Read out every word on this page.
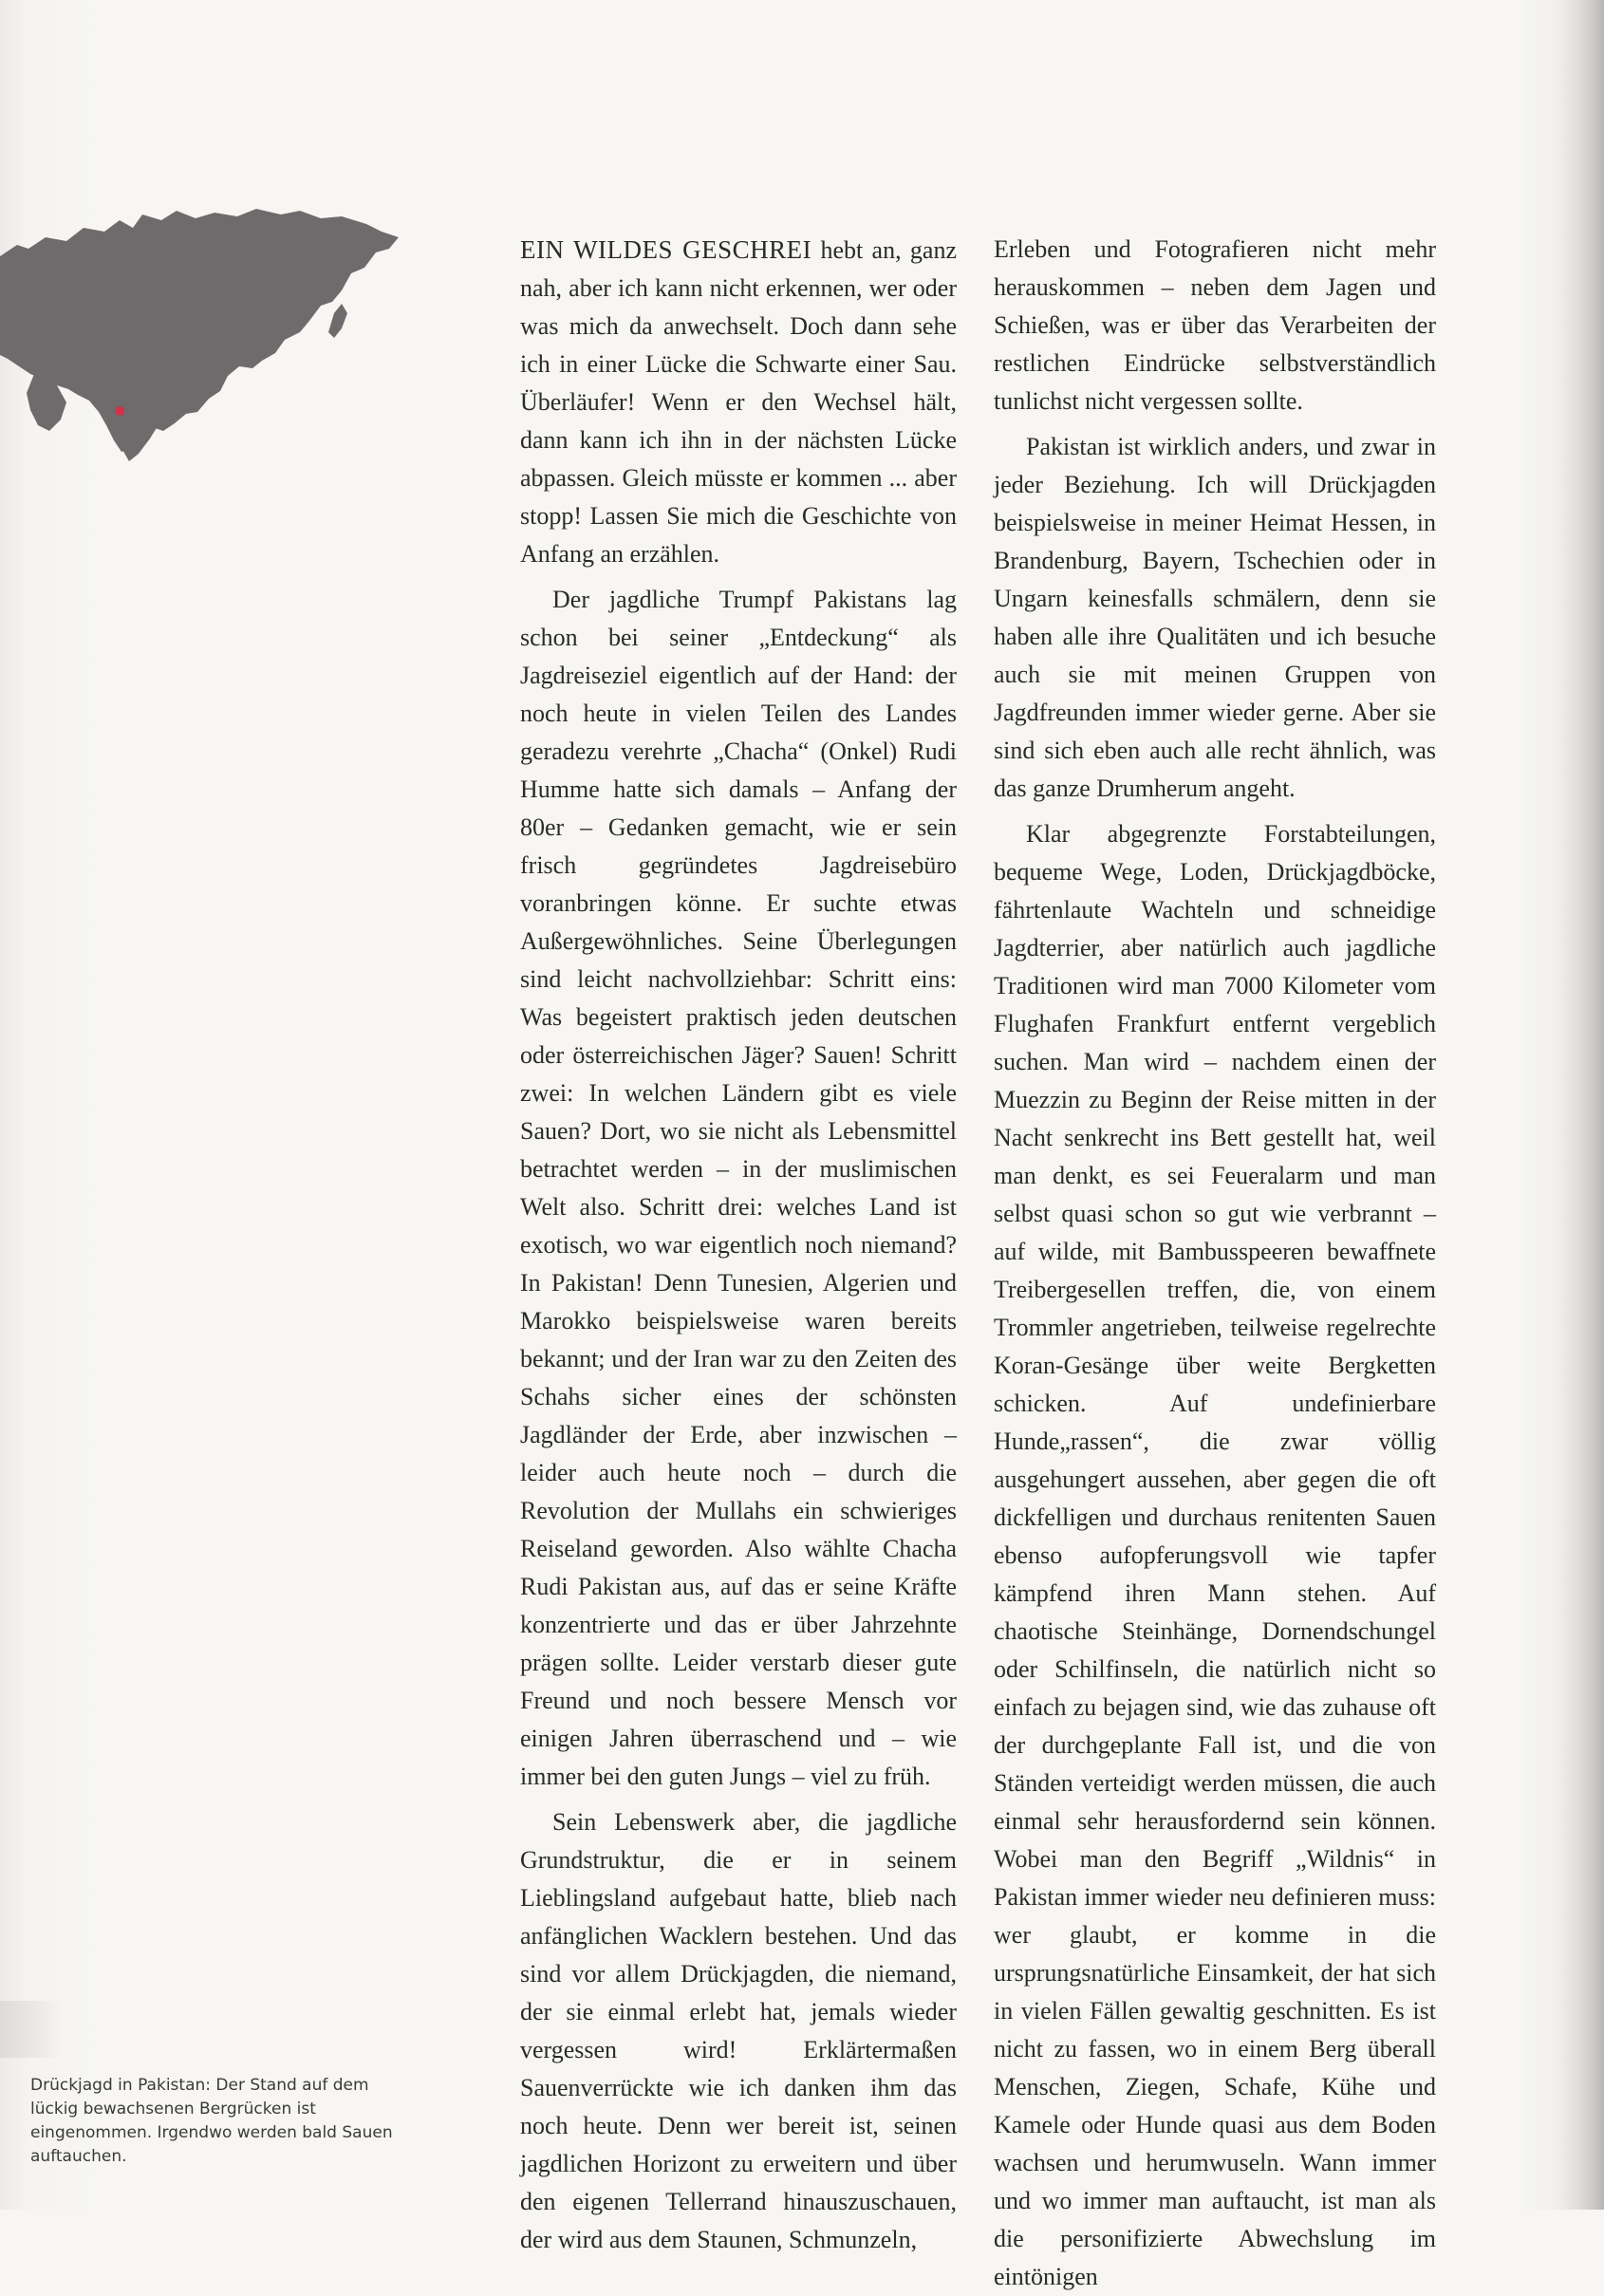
EIN WILDES GESCHREI hebt an, ganz nah, aber ich kann nicht erkennen, wer oder was mich da anwechselt. Doch dann sehe ich in einer Lücke die Schwarte einer Sau. Überläufer! Wenn er den Wechsel hält, dann kann ich ihn in der nächsten Lücke abpassen. Gleich müsste er kommen ... aber stopp! Lassen Sie mich die Geschichte von Anfang an erzählen.

Der jagdliche Trumpf Pakistans lag schon bei seiner „Entdeckung“ als Jagdreiseziel eigentlich auf der Hand: der noch heute in vielen Teilen des Landes geradezu verehrte „Chacha“ (Onkel) Rudi Humme hatte sich damals – Anfang der 80er – Gedanken gemacht, wie er sein frisch gegründetes Jagdreisebüro voranbringen könne. Er suchte etwas Außergewöhnliches. Seine Überlegungen sind leicht nachvollziehbar: Schritt eins: Was begeistert praktisch jeden deutschen oder österreichischen Jäger? Sauen! Schritt zwei: In welchen Ländern gibt es viele Sauen? Dort, wo sie nicht als Lebensmittel betrachtet werden – in der muslimischen Welt also. Schritt drei: welches Land ist exotisch, wo war eigentlich noch niemand? In Pakistan! Denn Tunesien, Algerien und Marokko beispielsweise waren bereits bekannt; und der Iran war zu den Zeiten des Schahs sicher eines der schönsten Jagdländer der Erde, aber inzwischen – leider auch heute noch – durch die Revolution der Mullahs ein schwieriges Reiseland geworden. Also wählte Chacha Rudi Pakistan aus, auf das er seine Kräfte konzentrierte und das er über Jahrzehnte prägen sollte. Leider verstarb dieser gute Freund und noch bessere Mensch vor einigen Jahren überraschend und – wie immer bei den guten Jungs – viel zu früh.

Sein Lebenswerk aber, die jagdliche Grundstruktur, die er in seinem Lieblingsland aufgebaut hatte, blieb nach anfänglichen Wacklern bestehen. Und das sind vor allem Drückjagden, die niemand, der sie einmal erlebt hat, jemals wieder vergessen wird! Erklärtermaßen Sauenverrückte wie ich danken ihm das noch heute. Denn wer bereit ist, seinen jagdlichen Horizont zu erweitern und über den eigenen Tellerrand hinauszuschauen, der wird aus dem Staunen, Schmunzeln,

Erleben und Fotografieren nicht mehr herauskommen – neben dem Jagen und Schießen, was er über das Verarbeiten der restlichen Eindrücke selbstverständlich tunlichst nicht vergessen sollte.

Pakistan ist wirklich anders, und zwar in jeder Beziehung. Ich will Drückjagden beispielsweise in meiner Heimat Hessen, in Brandenburg, Bayern, Tschechien oder in Ungarn keinesfalls schmälern, denn sie haben alle ihre Qualitäten und ich besuche auch sie mit meinen Gruppen von Jagdfreunden immer wieder gerne. Aber sie sind sich eben auch alle recht ähnlich, was das ganze Drumherum angeht.

Klar abgegrenzte Forstabteilungen, bequeme Wege, Loden, Drückjagdböcke, fährtenlaute Wachteln und schneidige Jagdterrier, aber natürlich auch jagdliche Traditionen wird man 7000 Kilometer vom Flughafen Frankfurt entfernt vergeblich suchen. Man wird – nachdem einen der Muezzin zu Beginn der Reise mitten in der Nacht senkrecht ins Bett gestellt hat, weil man denkt, es sei Feueralarm und man selbst quasi schon so gut wie verbrannt – auf wilde, mit Bambusspeeren bewaffnete Treibergesellen treffen, die, von einem Trommler angetrieben, teilweise regelrechte Koran-Gesänge über weite Bergketten schicken. Auf undefinierbare Hunde„rassen“, die zwar völlig ausgehungert aussehen, aber gegen die oft dickfelligen und durchaus renitenten Sauen ebenso aufopferungsvoll wie tapfer kämpfend ihren Mann stehen. Auf chaotische Steinhänge, Dornendschungel oder Schilfinseln, die natürlich nicht so einfach zu bejagen sind, wie das zuhause oft der durchgeplante Fall ist, und die von Ständen verteidigt werden müssen, die auch einmal sehr herausfordernd sein können. Wobei man den Begriff „Wildnis“ in Pakistan immer wieder neu definieren muss: wer glaubt, er komme in die ursprungsnatürliche Einsamkeit, der hat sich in vielen Fällen gewaltig geschnitten. Es ist nicht zu fassen, wo in einem Berg überall Menschen, Ziegen, Schafe, Kühe und Kamele oder Hunde quasi aus dem Boden wachsen und herumwuseln. Wann immer und wo immer man auftaucht, ist man als die personifizierte Abwechslung im eintönigen

Drückjagd in Pakistan: Der Stand auf dem lückig bewachsenen Bergrücken ist eingenommen. Irgendwo werden bald Sauen auftauchen.
